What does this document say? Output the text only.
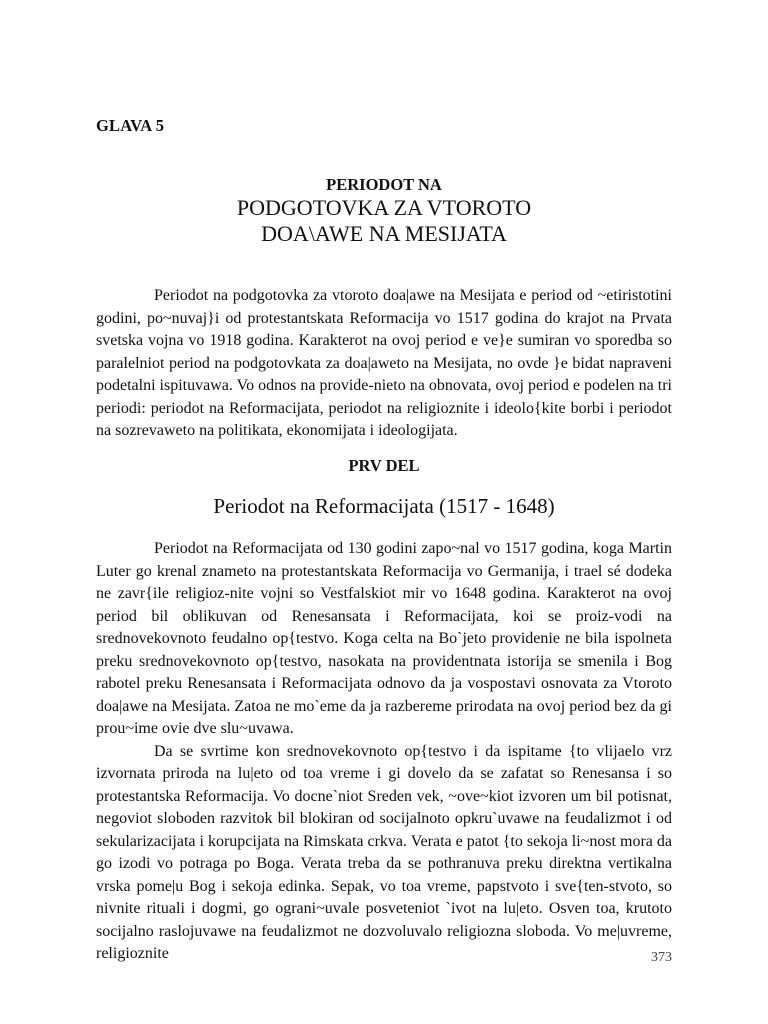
GLAVA 5
PERIODOT NA
PODGOTOVKA ZA VTOROTO
DOA\AWE NA MESIJATA

Periodot na podgotovka za vtoroto doa|awe na Mesijata e period od ~etiristotini godini, po~nuvaj}i od protestantskata Reformacija vo 1517 godina do krajot na Prvata svetska vojna vo 1918 godina. Karakterot na ovoj period e ve}e sumiran vo sporedba so paralelniot period na podgotovkata za doa|aweto na Mesijata, no ovde }e bidat napraveni podetalni ispituvawa. Vo odnos na provide-nieto na obnovata, ovoj period e podelen na tri periodi: periodot na Reformacijata, periodot na religioznite i ideolo{kite borbi i periodot na sozrevaweto na politikata, ekonomijata i ideologijata.

PRV DEL
Periodot na Reformacijata (1517 - 1648)

Periodot na Reformacijata od 130 godini zapo~nal vo 1517 godina, koga Martin Luter go krenal znameto na protestantskata Reformacija vo Germanija, i trael sé dodeka ne zavr{ile religioz-nite vojni so Vestfalskiot mir vo 1648 godina. Karakterot na ovoj period bil oblikuvan od Renesansata i Reformacijata, koi se proiz-vodi na srednovekovnoto feudalno op{testvo. Koga celta na Bo`jeto providenie ne bila ispolneta preku srednovekovnoto op{testvo, nasokata na providentnata istorija se smenila i Bog rabotel preku Renesansata i Reformacijata odnovo da ja vospostavi osnovata za Vtoroto doa|awe na Mesijata. Zatoa ne mo`eme da ja razbereme prirodata na ovoj period bez da gi prou~ime ovie dve slu~uvawa.

Da se svrtime kon srednovekovnoto op{testvo i da ispitame {to vlijaelo vrz izvornata priroda na lu|eto od toa vreme i gi dovelo da se zafatat so Renesansa i so protestantska Reformacija. Vo docne`niot Sreden vek, ~ove~kiot izvoren um bil potisnat, negoviot sloboden razvitok bil blokiran od socijalnoto opkru`uvawe na feudalizmot i od sekularizacijata i korupcijata na Rimskata crkva. Verata e patot {to sekoja li~nost mora da go izodi vo potraga po Boga. Verata treba da se pothranuva preku direktna vertikalna vrska pome|u Bog i sekoja edinka. Sepak, vo toa vreme, papstvoto i sve{ten-stvoto, so nivnite rituali i dogmi, go ograni~uvale posveteniot `ivot na lu|eto. Osven toa, krutoto socijalno raslojuvawe na feudalizmot ne dozvoluvalo religiozna sloboda. Vo me|uvreme, religioznite	373
